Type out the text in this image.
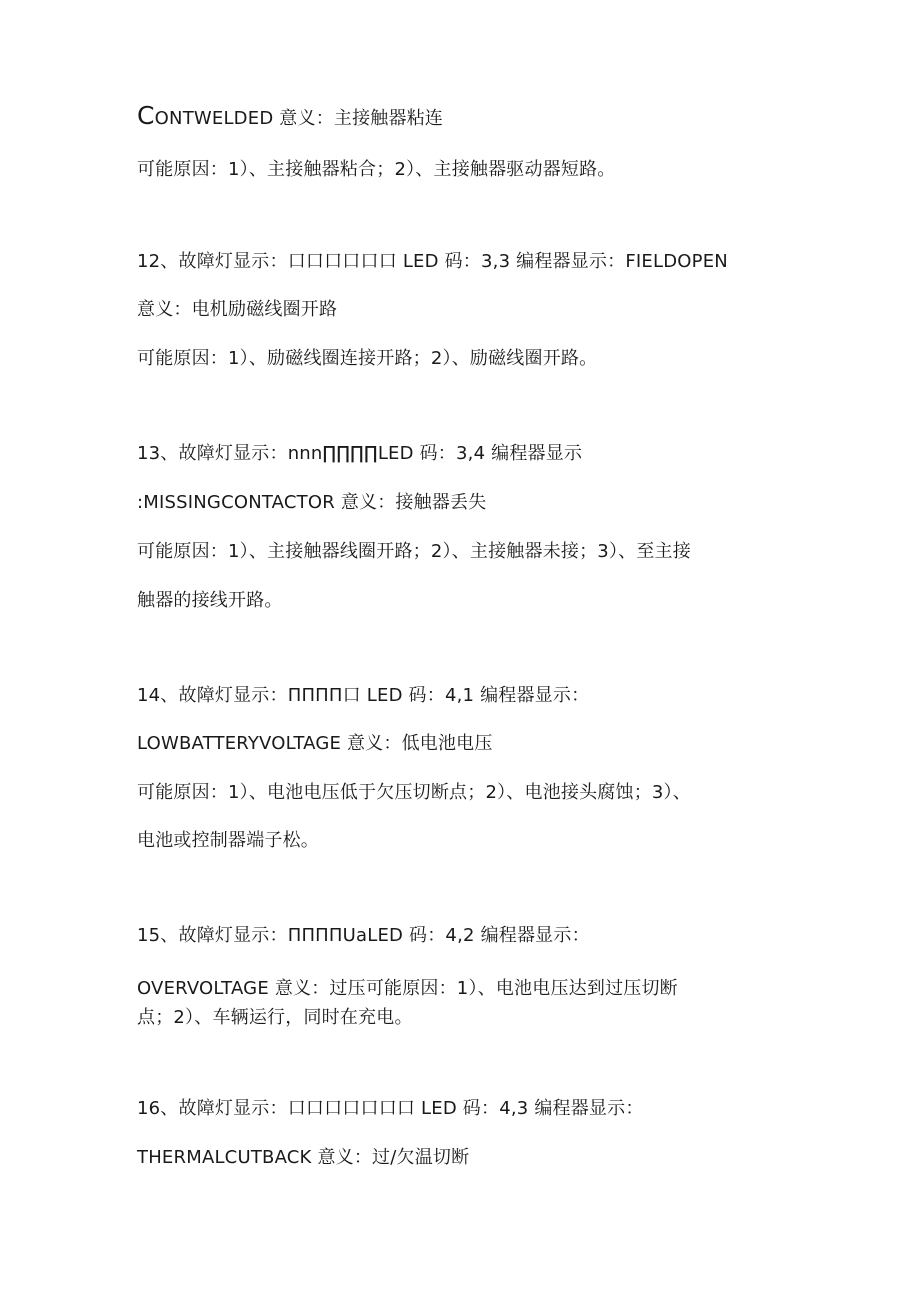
CONTWELDED 意义：主接触器粘连
可能原因：1）、主接触器粘合；2）、主接触器驱动器短路。
12、故障灯显示：口口口口口口 LED 码：3,3 编程器显示：FIELDOPEN
意义：电机励磁线圈开路
可能原因：1）、励磁线圈连接开路；2）、励磁线圈开路。
13、故障灯显示：nnn∏∏∏∏LED 码：3,4 编程器显示
:MISSINGCONTACTOR 意义：接触器丢失
可能原因：1）、主接触器线圈开路；2）、主接触器未接；3）、至主接
触器的接线开路。
14、故障灯显示：ΠΠΠΠ口 LED 码：4,1 编程器显示：
LOWBATTERYVOLTAGE 意义：低电池电压
可能原因：1）、电池电压低于欠压切断点；2）、电池接头腐蚀；3）、
电池或控制器端子松。
15、故障灯显示：ΠΠΠΠUaLED 码：4,2 编程器显示：
OVERVOLTAGE 意义：过压可能原因：1）、电池电压达到过压切断
点；2）、车辆运行，同时在充电。
16、故障灯显示：口口口口口口口 LED 码：4,3 编程器显示：
THERMALCUTBACK 意义：过/欠温切断
